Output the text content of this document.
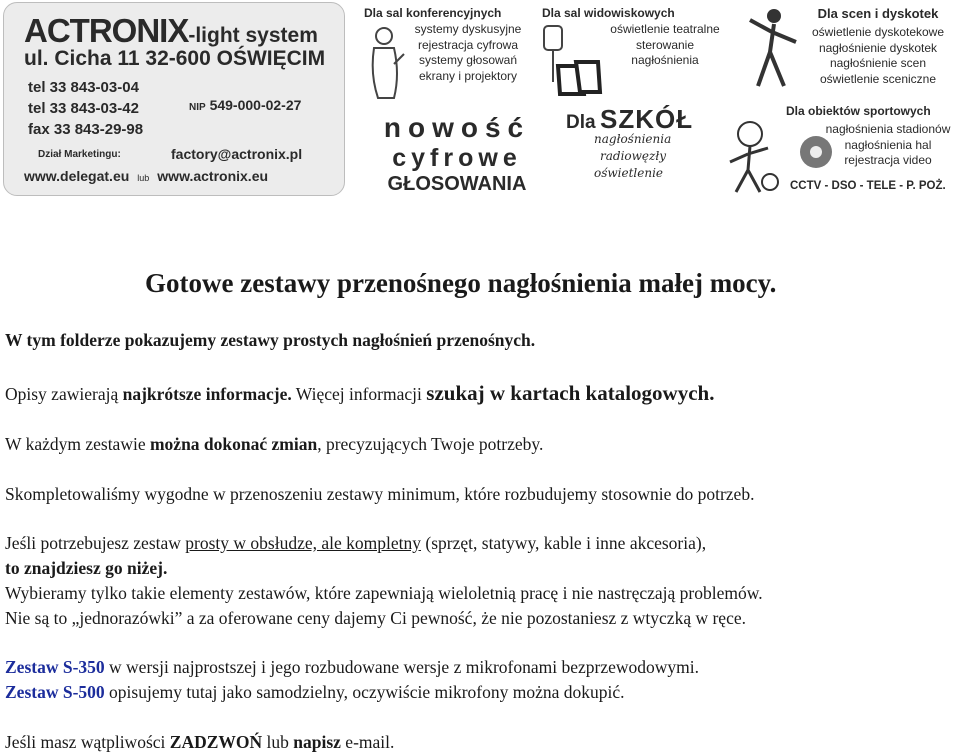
ACTRONIX-light system
ul. Cicha 11 32-600 OŚWIĘCIM
tel 33 843-03-04
tel 33 843-03-42
fax 33 843-29-98
NIP 549-000-02-27
Dział Marketingu:	factory@actronix.pl
www.delegat.eu lub www.actronix.eu
Dla sal konferencyjnych
systemy dyskusyjne
rejestracja cyfrowa
systemy głosowań
ekrany i projektory
Dla sal widowiskowych
oświetlenie teatralne
sterowanie
nagłośnienia
Dla scen i dyskotek
oświetlenie dyskotekowe
nagłośnienie dyskotek
nagłośnienie scen
oświetlenie sceniczne
nowość
cyfrowe
GŁOSOWANIA
Dla SZKÓŁ
nagłośnienia
radiowęzły
oświetlenie
Dla obiektów sportowych
nagłośnienia stadionów
nagłośnienia hal
rejestracja video
CCTV - DSO - TELE - P. POŻ.
Gotowe zestawy przenośnego nagłośnienia małej mocy.
W tym folderze pokazujemy zestawy prostych nagłośnień przenośnych.
Opisy zawierają najkrótsze informacje. Więcej informacji szukaj w kartach katalogowych.
W każdym zestawie można dokonać zmian, precyzujących Twoje potrzeby.
Skompletowaliśmy wygodne w przenoszeniu zestawy minimum, które rozbudujemy stosownie do potrzeb.
Jeśli potrzebujesz zestaw prosty w obsłudze, ale kompletny (sprzęt, statywy, kable i inne akcesoria),
to znajdziesz go niżej.
Wybieramy tylko takie elementy zestawów, które zapewniają wieloletnią pracę i nie nastręczają problemów.
Nie są to „jednorazówki” a za oferowane ceny dajemy Ci pewność, że nie pozostaniesz z wtyczką w ręce.
Zestaw S-350 w wersji najprostszej i jego rozbudowane wersje z mikrofonami bezprzewodowymi.
Zestaw S-500 opisujemy tutaj jako samodzielny, oczywiście mikrofony można dokupić.
Jeśli masz wątpliwości ZADZWOŃ lub napisz e-mail.
